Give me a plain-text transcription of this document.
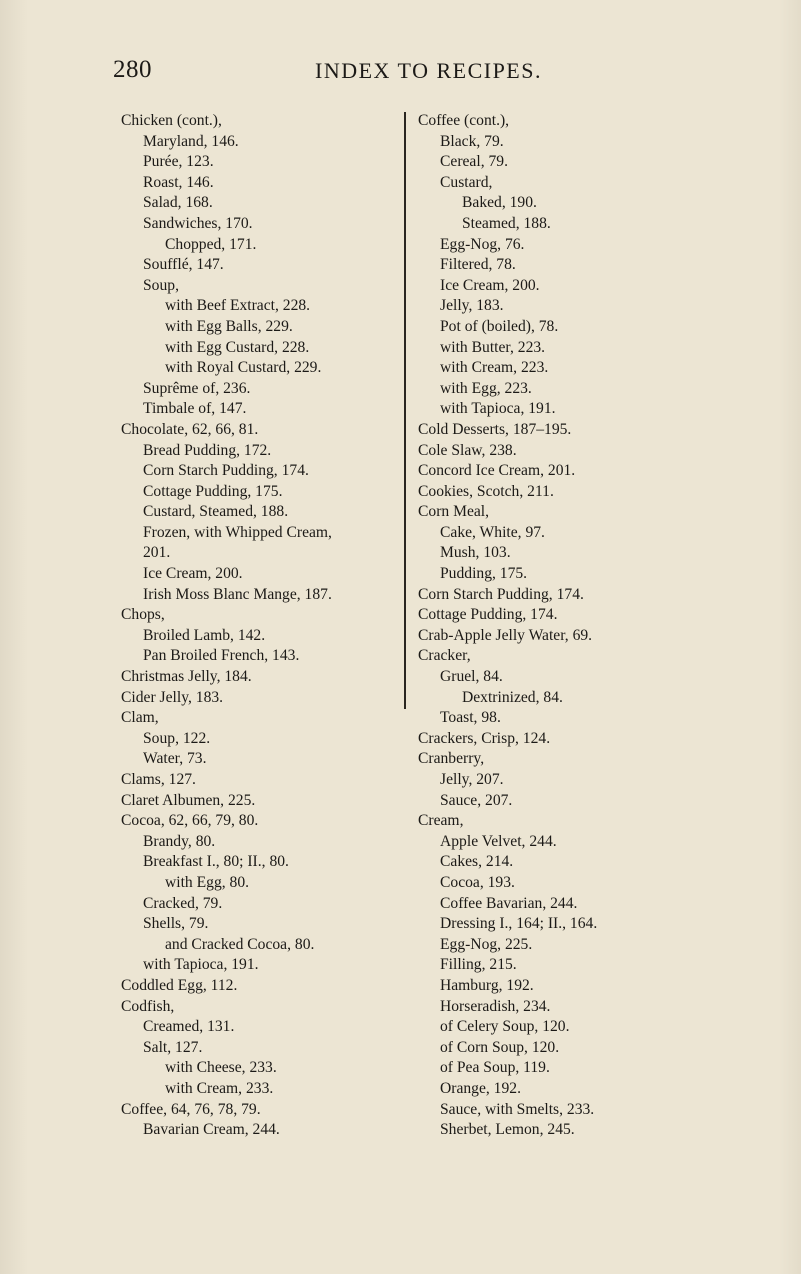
280	INDEX TO RECIPES.
Chicken (cont.),
Maryland, 146.
Purée, 123.
Roast, 146.
Salad, 168.
Sandwiches, 170.
Chopped, 171.
Soufflé, 147.
Soup,
with Beef Extract, 228.
with Egg Balls, 229.
with Egg Custard, 228.
with Royal Custard, 229.
Suprême of, 236.
Timbale of, 147.
Chocolate, 62, 66, 81.
Bread Pudding, 172.
Corn Starch Pudding, 174.
Cottage Pudding, 175.
Custard, Steamed, 188.
Frozen, with Whipped Cream,
201.
Ice Cream, 200.
Irish Moss Blanc Mange, 187.
Chops,
Broiled Lamb, 142.
Pan Broiled French, 143.
Christmas Jelly, 184.
Cider Jelly, 183.
Clam,
Soup, 122.
Water, 73.
Clams, 127.
Claret Albumen, 225.
Cocoa, 62, 66, 79, 80.
Brandy, 80.
Breakfast I., 80; II., 80.
with Egg, 80.
Cracked, 79.
Shells, 79.
and Cracked Cocoa, 80.
with Tapioca, 191.
Coddled Egg, 112.
Codfish,
Creamed, 131.
Salt, 127.
with Cheese, 233.
with Cream, 233.
Coffee, 64, 76, 78, 79.
Bavarian Cream, 244.
Coffee (cont.),
Black, 79.
Cereal, 79.
Custard,
Baked, 190.
Steamed, 188.
Egg-Nog, 76.
Filtered, 78.
Ice Cream, 200.
Jelly, 183.
Pot of (boiled), 78.
with Butter, 223.
with Cream, 223.
with Egg, 223.
with Tapioca, 191.
Cold Desserts, 187–195.
Cole Slaw, 238.
Concord Ice Cream, 201.
Cookies, Scotch, 211.
Corn Meal,
Cake, White, 97.
Mush, 103.
Pudding, 175.
Corn Starch Pudding, 174.
Cottage Pudding, 174.
Crab-Apple Jelly Water, 69.
Cracker,
Gruel, 84.
Dextrinized, 84.
Toast, 98.
Crackers, Crisp, 124.
Cranberry,
Jelly, 207.
Sauce, 207.
Cream,
Apple Velvet, 244.
Cakes, 214.
Cocoa, 193.
Coffee Bavarian, 244.
Dressing I., 164; II., 164.
Egg-Nog, 225.
Filling, 215.
Hamburg, 192.
Horseradish, 234.
of Celery Soup, 120.
of Corn Soup, 120.
of Pea Soup, 119.
Orange, 192.
Sauce, with Smelts, 233.
Sherbet, Lemon, 245.
